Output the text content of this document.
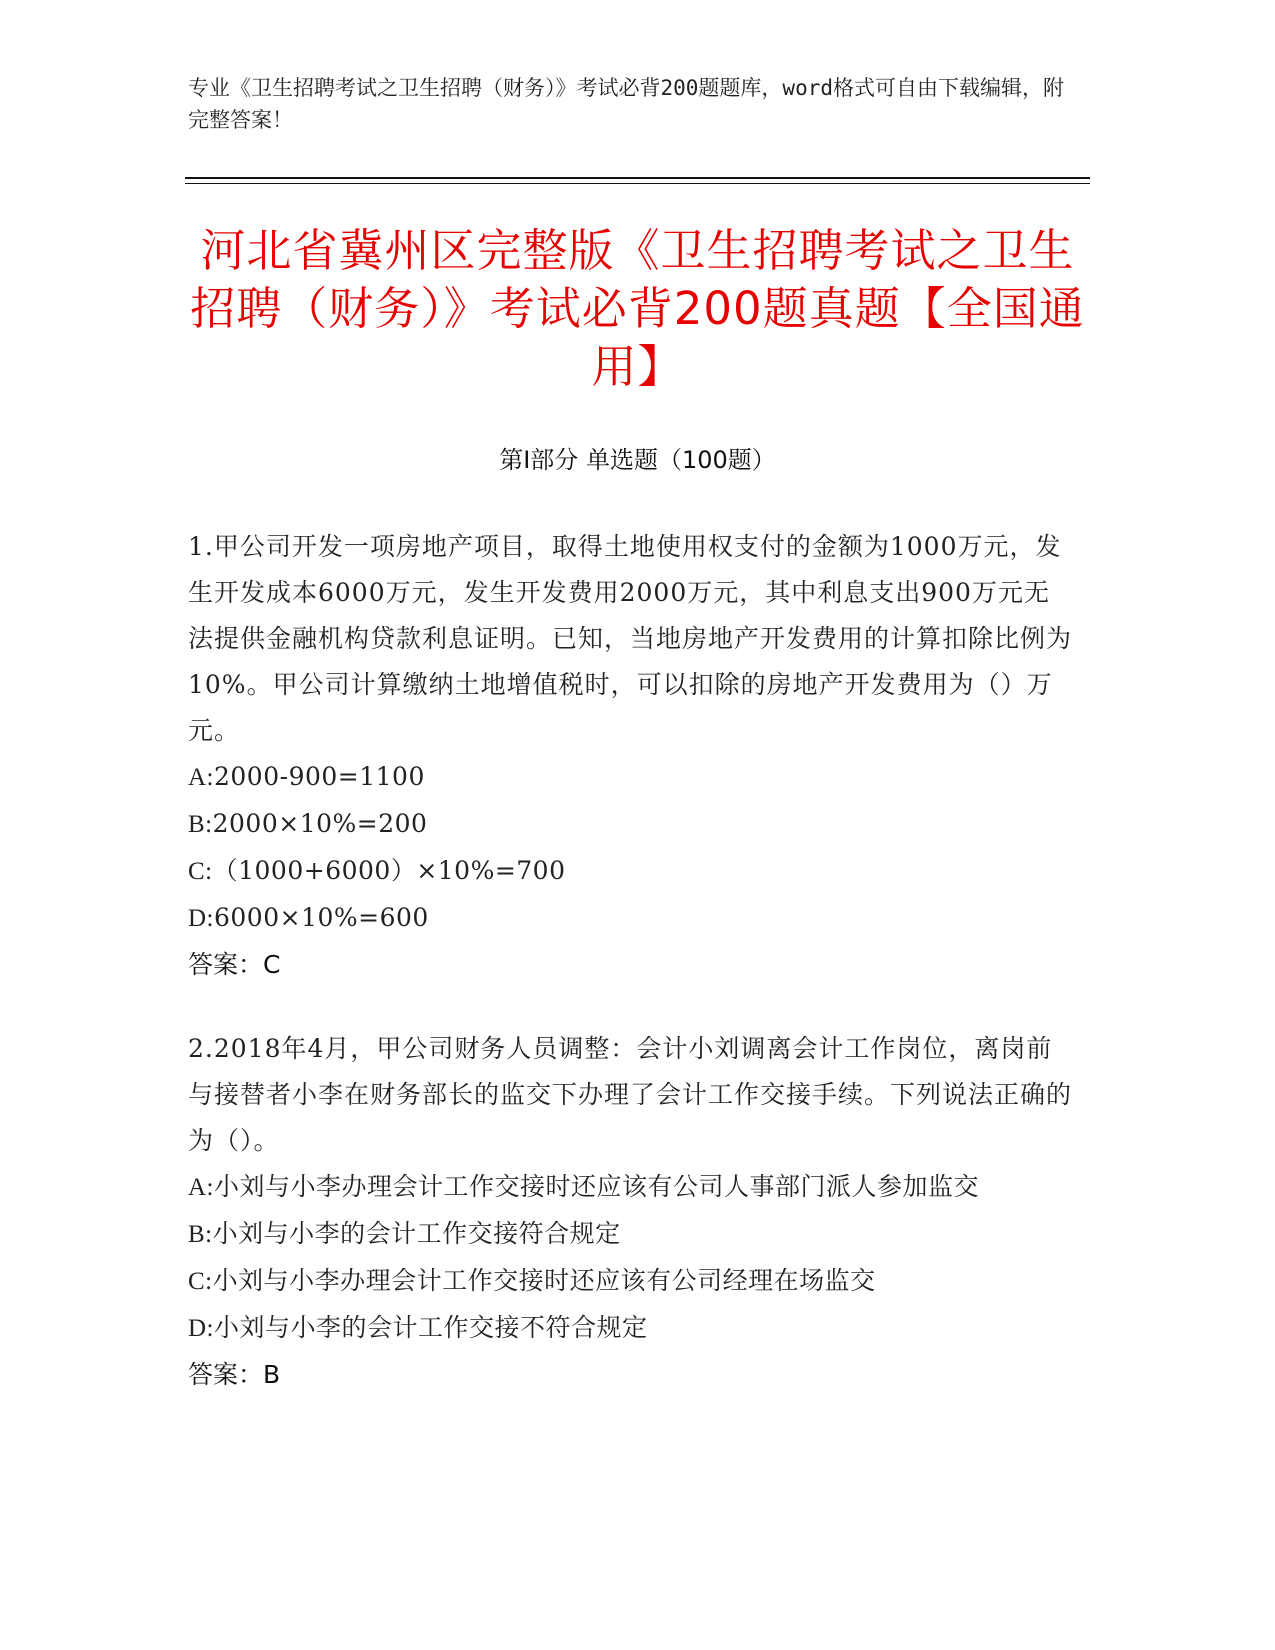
专业《卫生招聘考试之卫生招聘（财务）》考试必背200题题库，word格式可自由下载编辑，附完整答案！
河北省冀州区完整版《卫生招聘考试之卫生招聘（财务）》考试必背200题真题【全国通用】
第I部分 单选题（100题）
1.甲公司开发一项房地产项目，取得土地使用权支付的金额为1000万元，发生开发成本6000万元，发生开发费用2000万元，其中利息支出900万元无法提供金融机构贷款利息证明。已知，当地房地产开发费用的计算扣除比例为10%。甲公司计算缴纳土地增值税时，可以扣除的房地产开发费用为（）万元。
A:2000-900=1100
B:2000×10%=200
C:（1000+6000）×10%=700
D:6000×10%=600
答案：C
2.2018年4月，甲公司财务人员调整：会计小刘调离会计工作岗位，离岗前与接替者小李在财务部长的监交下办理了会计工作交接手续。下列说法正确的为（）。
A:小刘与小李办理会计工作交接时还应该有公司人事部门派人参加监交
B:小刘与小李的会计工作交接符合规定
C:小刘与小李办理会计工作交接时还应该有公司经理在场监交
D:小刘与小李的会计工作交接不符合规定
答案：B
